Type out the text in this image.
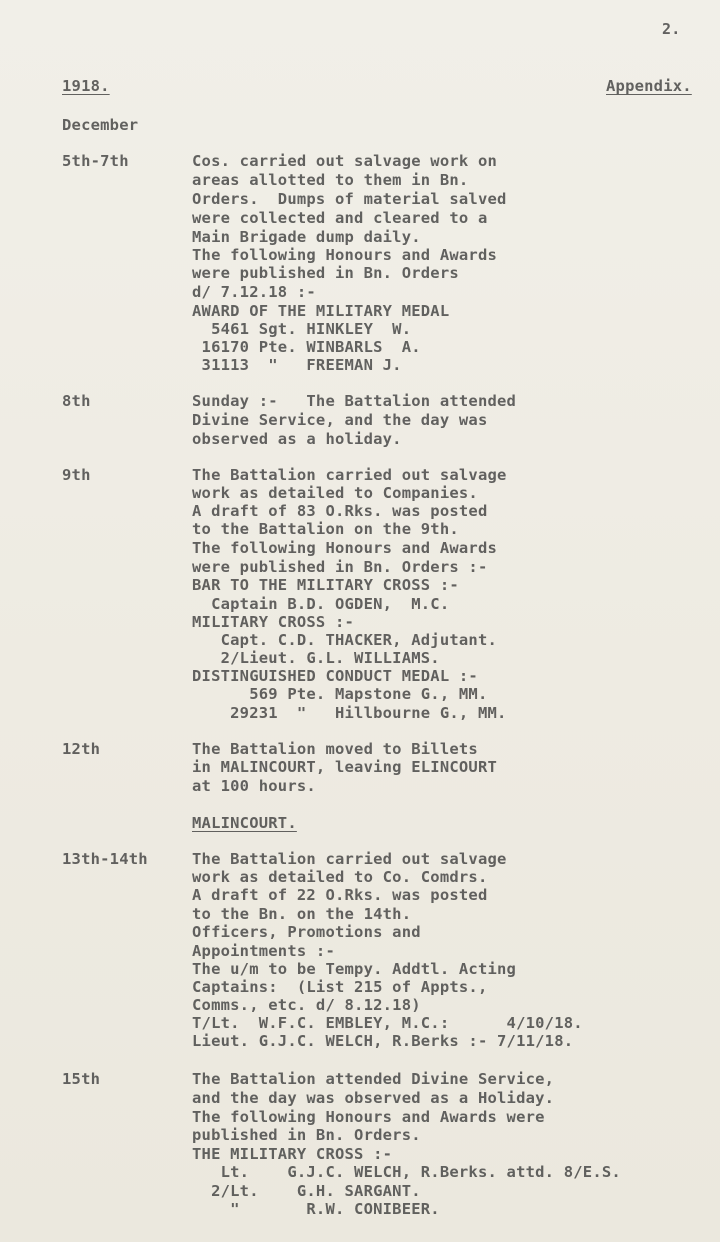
2.
1918.	Appendix.
December
5th-7th	Cos. carried out salvage work on
areas allotted to them in Bn.
Orders.  Dumps of material salved
were collected and cleared to a
Main Brigade dump daily.
The following Honours and Awards
were published in Bn. Orders
d/ 7.12.18 :-
AWARD OF THE MILITARY MEDAL
5461 Sgt. HINKLEY  W.
16170 Pte. WINBARLS  A.
31113  "   FREEMAN J.
8th	Sunday :-   The Battalion attended
Divine Service, and the day was
observed as a holiday.
9th	The Battalion carried out salvage
work as detailed to Companies.
A draft of 83 O.Rks. was posted
to the Battalion on the 9th.
The following Honours and Awards
were published in Bn. Orders :-
BAR TO THE MILITARY CROSS :-
Captain B.D. OGDEN,  M.C.
MILITARY CROSS :-
Capt. C.D. THACKER, Adjutant.
2/Lieut. G.L. WILLIAMS.
DISTINGUISHED CONDUCT MEDAL :-
569 Pte. Mapstone G., MM.
29231  "   Hillbourne G., MM.
12th	The Battalion moved to Billets
in MALINCOURT, leaving ELINCOURT
at 100 hours.
MALINCOURT.
13th-14th	The Battalion carried out salvage
work as detailed to Co. Comdrs.
A draft of 22 O.Rks. was posted
to the Bn. on the 14th.
Officers, Promotions and
Appointments :-
The u/m to be Tempy. Addtl. Acting
Captains:  (List 215 of Appts.,
Comms., etc. d/ 8.12.18)
T/Lt.  W.F.C. EMBLEY, M.C.:      4/10/18.
Lieut. G.J.C. WELCH, R.Berks :- 7/11/18.
15th	The Battalion attended Divine Service,
and the day was observed as a Holiday.
The following Honours and Awards were
published in Bn. Orders.
THE MILITARY CROSS :-
Lt.    G.J.C. WELCH, R.Berks. attd. 8/E.S.
2/Lt.    G.H. SARGANT.
"       R.W. CONIBEER.
